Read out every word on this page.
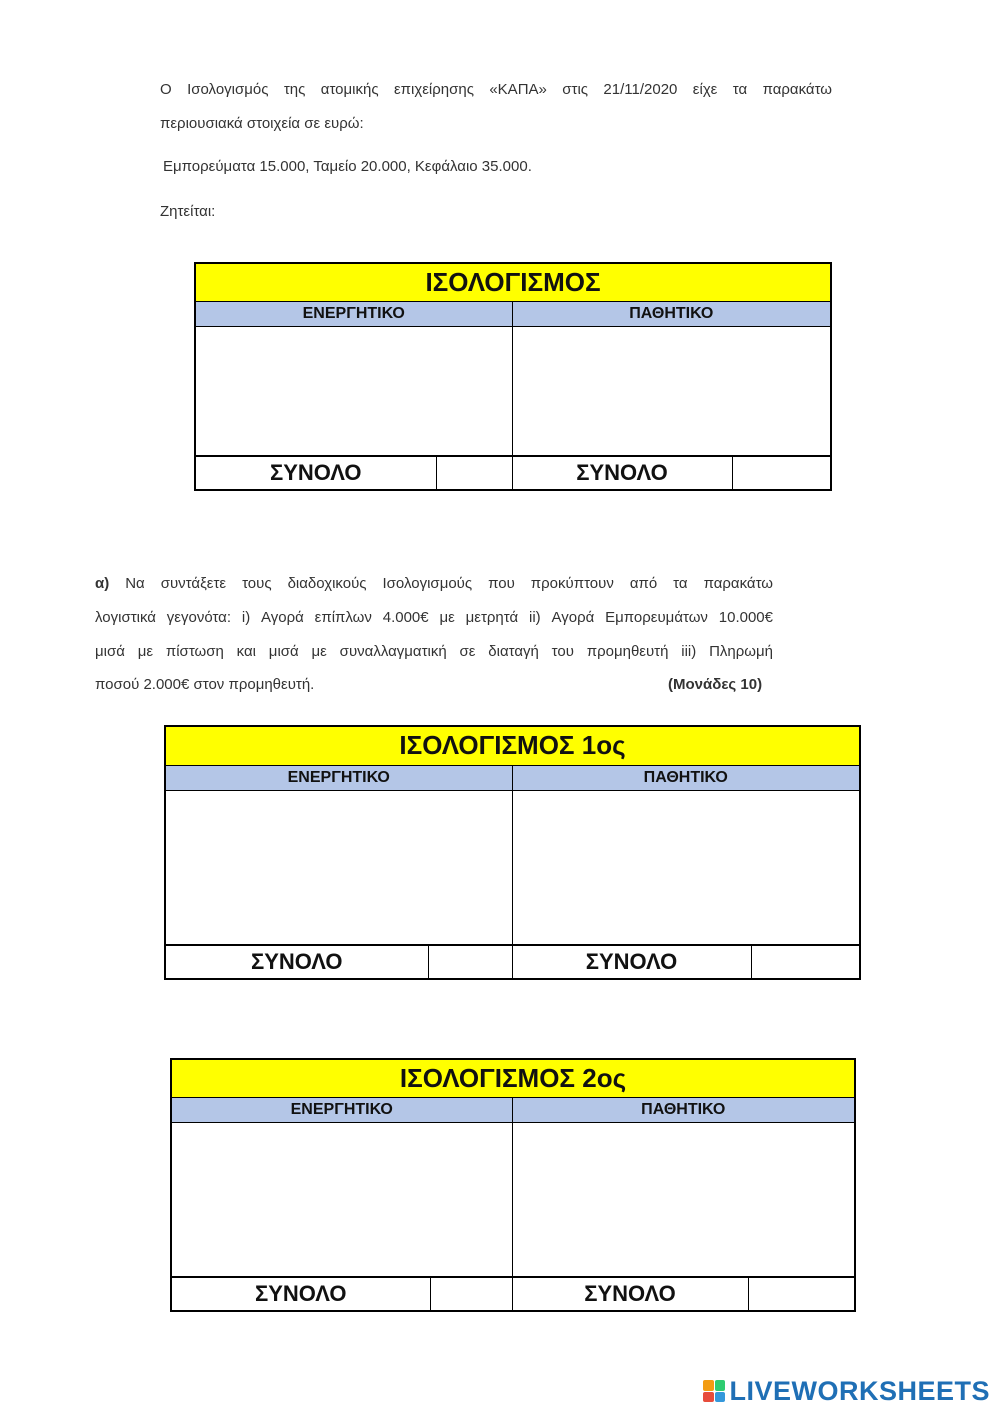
Ο Ισολογισμός της ατομικής επιχείρησης «ΚΑΠΑ» στις 21/11/2020 είχε τα παρακάτω

περιουσιακά στοιχεία σε ευρώ:

Εμπορεύματα 15.000, Ταμείο 20.000, Κεφάλαιο 35.000.

Ζητείται:

ΙΣΟΛΟΓΙΣΜΟΣ			
ΕΝΕΡΓΗΤΙΚΟ		ΠΑΘΗΤΙΚΟ	

ΣΥΝΟΛΟ		ΣΥΝΟΛΟ	

α) Να συντάξετε τους διαδοχικούς Ισολογισμούς που προκύπτουν από τα παρακάτω

λογιστικά γεγονότα: i) Αγορά επίπλων 4.000€ με μετρητά ii) Αγορά Εμπορευμάτων 10.000€

μισά με πίστωση και μισά με συναλλαγματική σε διαταγή του προμηθευτή iii) Πληρωμή

ποσού 2.000€ στον προμηθευτή.	(Μονάδες 10)

ΙΣΟΛΟΓΙΣΜΟΣ 1ος			
ΕΝΕΡΓΗΤΙΚΟ		ΠΑΘΗΤΙΚΟ	

ΣΥΝΟΛΟ		ΣΥΝΟΛΟ	
ΙΣΟΛΟΓΙΣΜΟΣ 2ος			
ΕΝΕΡΓΗΤΙΚΟ		ΠΑΘΗΤΙΚΟ	

ΣΥΝΟΛΟ		ΣΥΝΟΛΟ	
LIVEWORKSHEETS
